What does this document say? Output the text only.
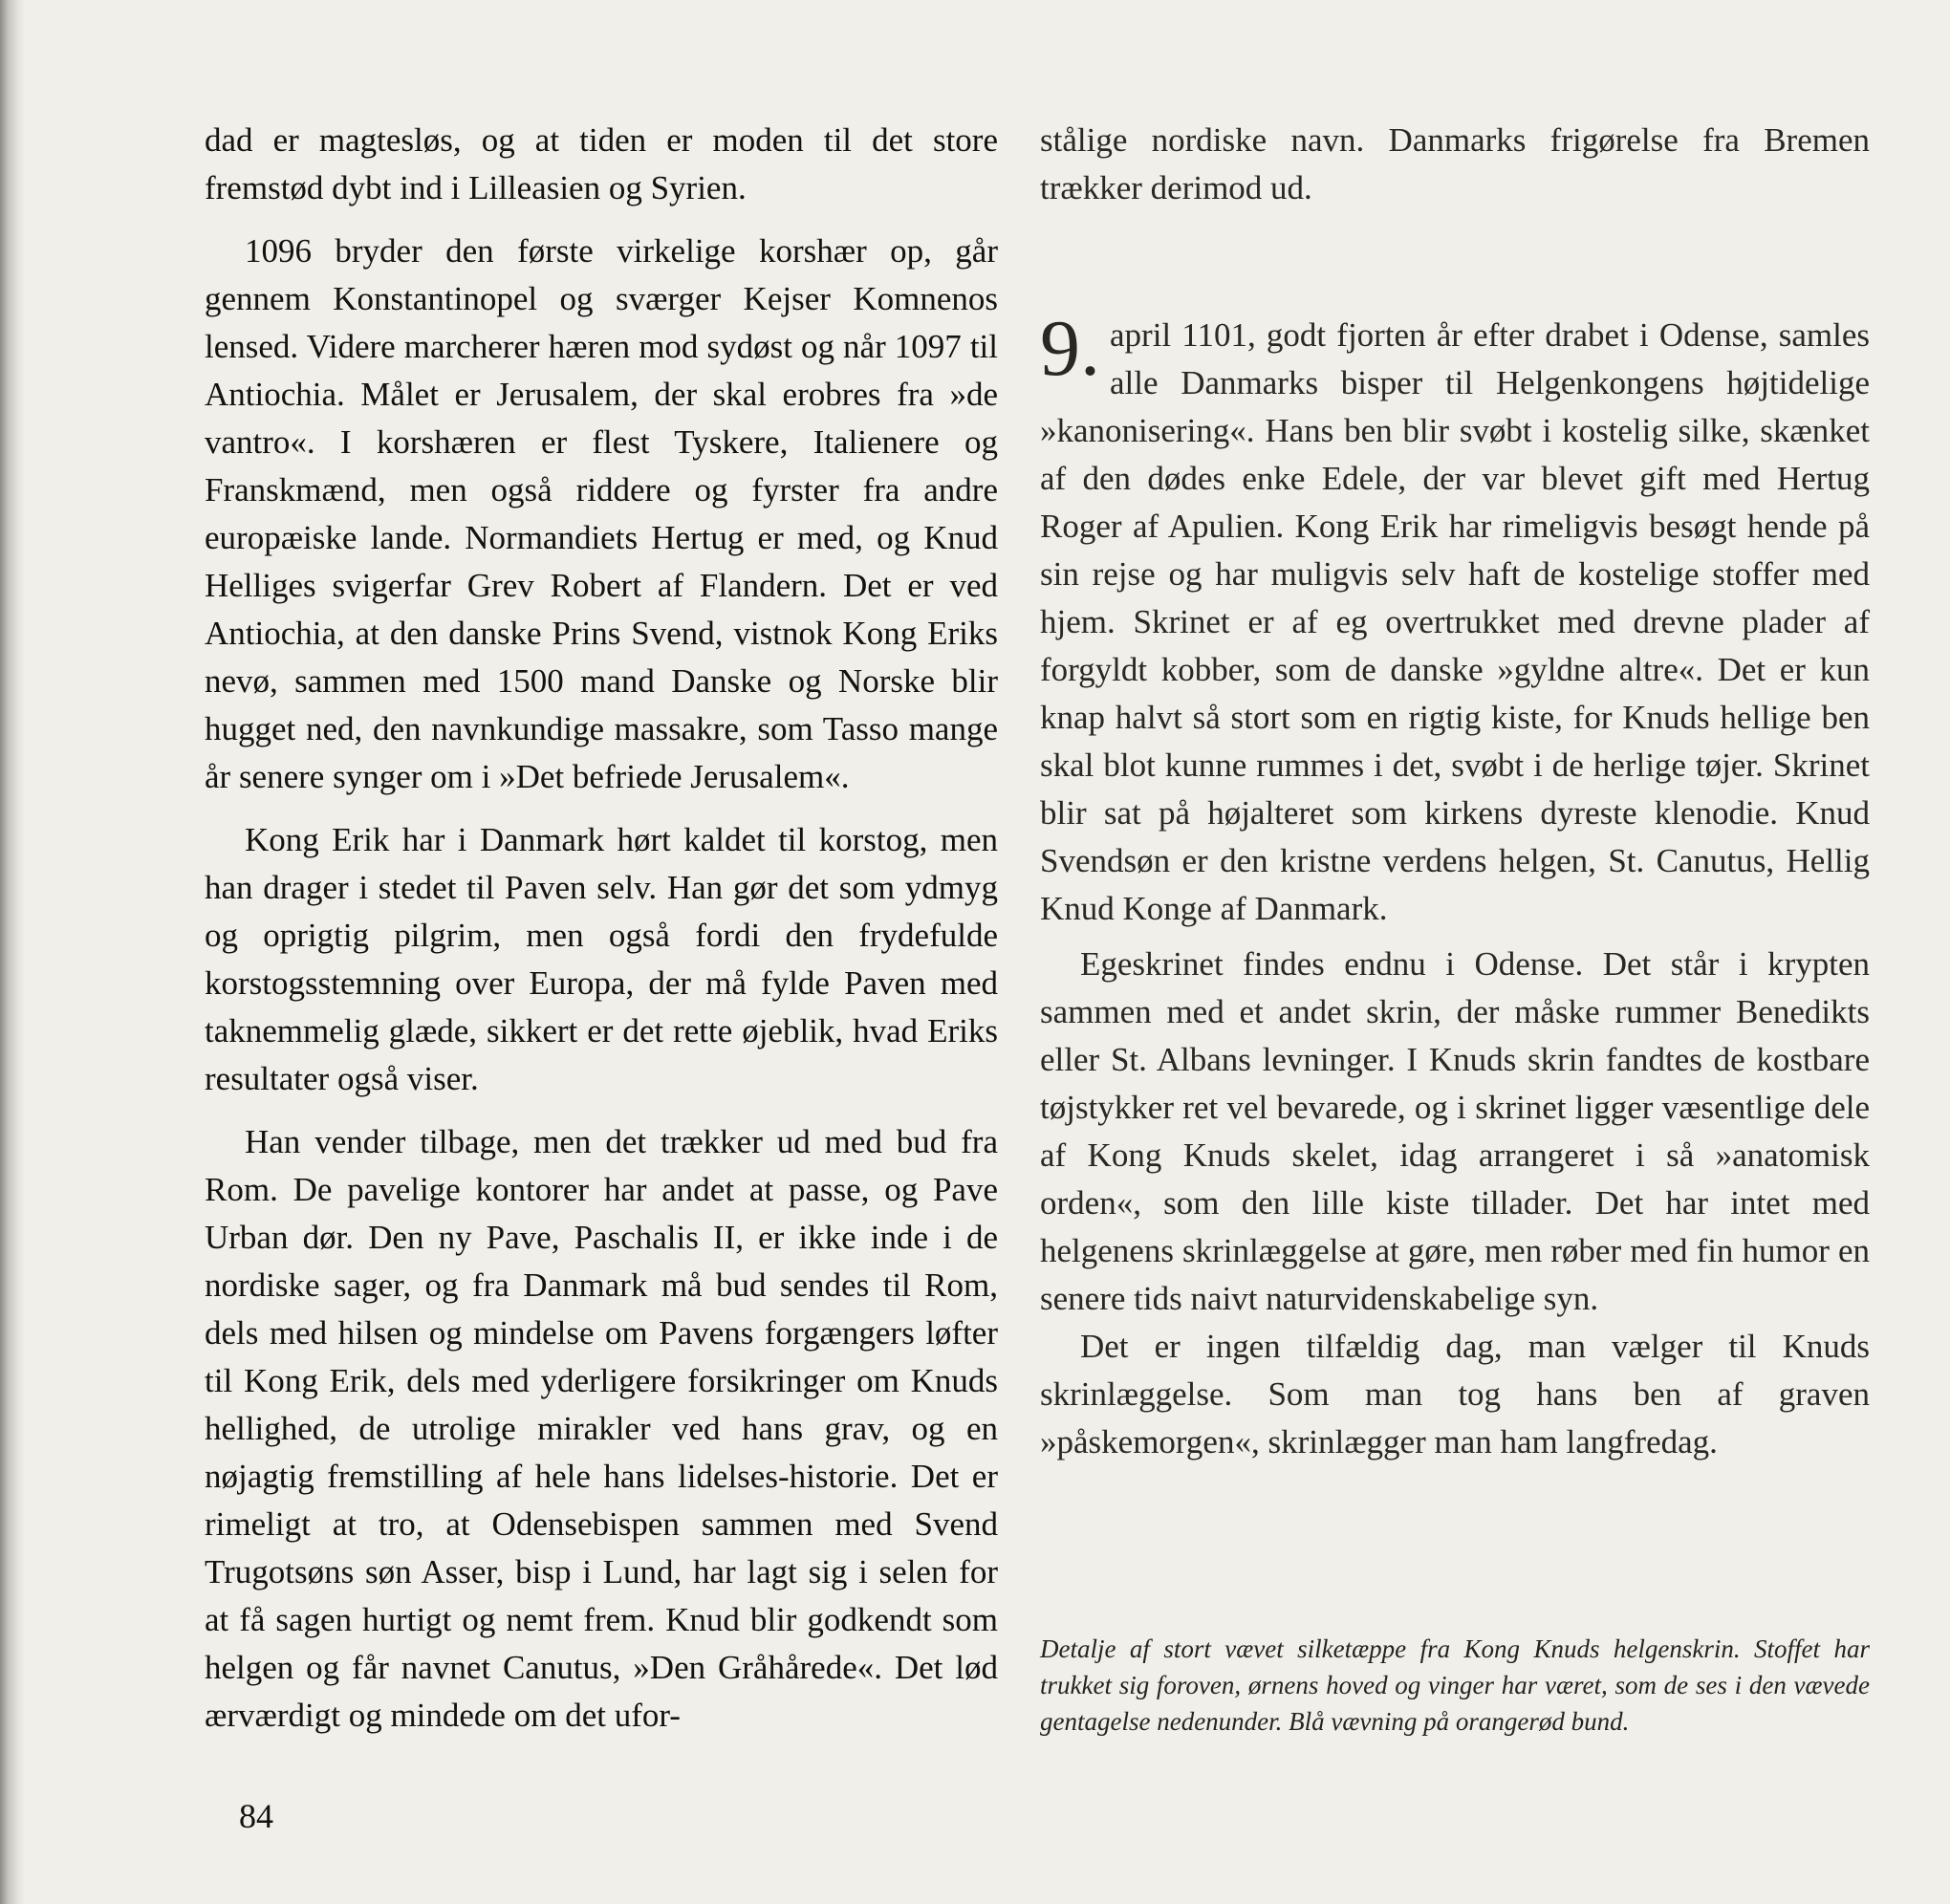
dad er magtesløs, og at tiden er moden til det store fremstød dybt ind i Lilleasien og Syrien.

1096 bryder den første virkelige korshær op, går gennem Konstantinopel og sværger Kejser Komnenos lensed. Videre marcherer hæren mod sydøst og når 1097 til Antiochia. Målet er Jerusalem, der skal erobres fra »de vantro«. I korshæren er flest Tyskere, Italienere og Franskmænd, men også riddere og fyrster fra andre europæiske lande. Normandiets Hertug er med, og Knud Helliges svigerfar Grev Robert af Flandern. Det er ved Antiochia, at den danske Prins Svend, vistnok Kong Eriks nevø, sammen med 1500 mand Danske og Norske blir hugget ned, den navnkundige massakre, som Tasso mange år senere synger om i »Det befriede Jerusalem«.

Kong Erik har i Danmark hørt kaldet til korstog, men han drager i stedet til Paven selv. Han gør det som ydmyg og oprigtig pilgrim, men også fordi den frydefulde korstogsstemning over Europa, der må fylde Paven med taknemmelig glæde, sikkert er det rette øjeblik, hvad Eriks resultater også viser.

Han vender tilbage, men det trækker ud med bud fra Rom. De pavelige kontorer har andet at passe, og Pave Urban dør. Den ny Pave, Paschalis II, er ikke inde i de nordiske sager, og fra Danmark må bud sendes til Rom, dels med hilsen og mindelse om Pavens forgængers løfter til Kong Erik, dels med yderligere forsikringer om Knuds hellighed, de utrolige mirakler ved hans grav, og en nøjagtig fremstilling af hele hans lidelses-historie. Det er rimeligt at tro, at Odensebispen sammen med Svend Trugotsøns søn Asser, bisp i Lund, har lagt sig i selen for at få sagen hurtigt og nemt frem. Knud blir godkendt som helgen og får navnet Canutus, »Den Gråhårede«. Det lød ærværdigt og mindede om det ufor-

stålige nordiske navn. Danmarks frigørelse fra Bremen trækker derimod ud.

9. april 1101, godt fjorten år efter drabet i Odense, samles alle Danmarks bisper til Helgenkongens højtidelige »kanonisering«. Hans ben blir svøbt i kostelig silke, skænket af den dødes enke Edele, der var blevet gift med Hertug Roger af Apulien. Kong Erik har rimeligvis besøgt hende på sin rejse og har muligvis selv haft de kostelige stoffer med hjem. Skrinet er af eg overtrukket med drevne plader af forgyldt kobber, som de danske »gyldne altre«. Det er kun knap halvt så stort som en rigtig kiste, for Knuds hellige ben skal blot kunne rummes i det, svøbt i de herlige tøjer. Skrinet blir sat på højalteret som kirkens dyreste klenodie. Knud Svendsøn er den kristne verdens helgen, St. Canutus, Hellig Knud Konge af Danmark.

Egeskrinet findes endnu i Odense. Det står i krypten sammen med et andet skrin, der måske rummer Benedikts eller St. Albans levninger. I Knuds skrin fandtes de kostbare tøjstykker ret vel bevarede, og i skrinet ligger væsentlige dele af Kong Knuds skelet, idag arrangeret i så »anatomisk orden«, som den lille kiste tillader. Det har intet med helgenens skrinlæggelse at gøre, men røber med fin humor en senere tids naivt naturvidenskabelige syn.

Det er ingen tilfældig dag, man vælger til Knuds skrinlæggelse. Som man tog hans ben af graven »påskemorgen«, skrinlægger man ham langfredag.

Detalje af stort vævet silketæppe fra Kong Knuds helgenskrin. Stoffet har trukket sig foroven, ørnens hoved og vinger har været, som de ses i den vævede gentagelse nedenunder. Blå vævning på orangerød bund.
84
